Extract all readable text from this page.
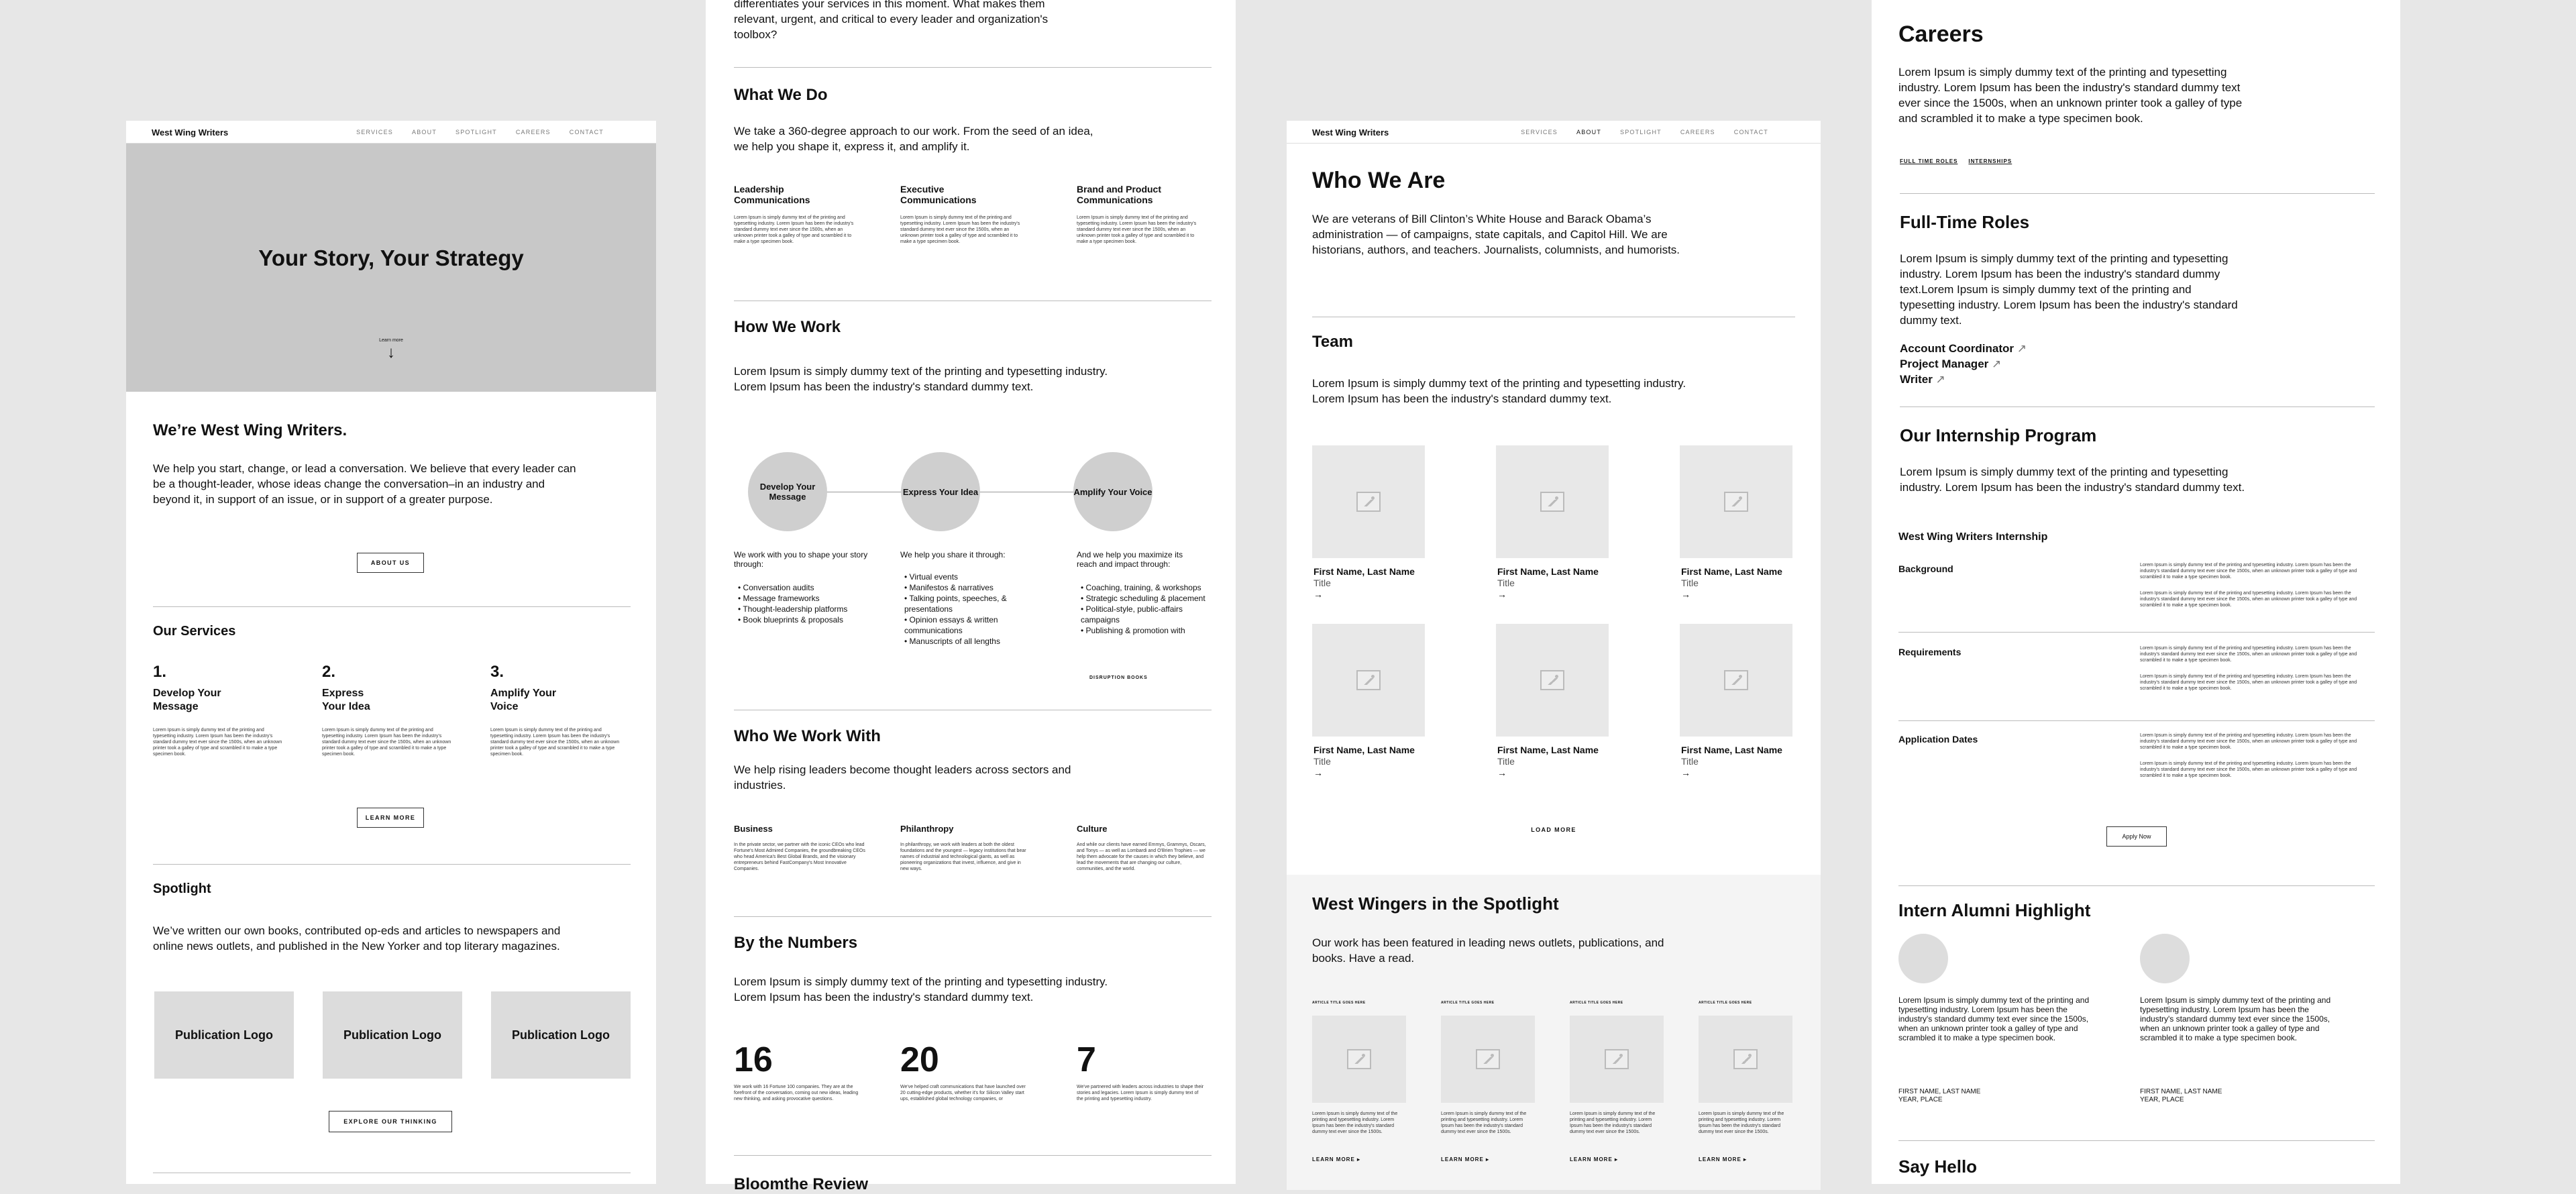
West Wing Writers	SERVICES	ABOUT	SPOTLIGHT	CAREERS	CONTACT
Your Story, Your Strategy
Learn more
↓
We’re West Wing Writers.
We help you start, change, or lead a conversation. We believe that every leader can be a thought-leader, whose ideas change the conversation–in an industry and beyond it, in support of an issue, or in support of a greater purpose.
ABOUT US
Our Services
1.
Develop Your Message
Lorem Ipsum is simply dummy text of the printing and typesetting industry. Lorem Ipsum has been the industry's standard dummy text ever since the 1500s, when an unknown printer took a galley of type and scrambled it to make a type specimen book.
2.
Express Your Idea
Lorem Ipsum is simply dummy text of the printing and typesetting industry. Lorem Ipsum has been the industry's standard dummy text ever since the 1500s, when an unknown printer took a galley of type and scrambled it to make a type specimen book.
3.
Amplify Your Voice
Lorem Ipsum is simply dummy text of the printing and typesetting industry. Lorem Ipsum has been the industry's standard dummy text ever since the 1500s, when an unknown printer took a galley of type and scrambled it to make a type specimen book.
LEARN MORE
Spotlight
We’ve written our own books, contributed op-eds and articles to newspapers and online news outlets, and published in the New Yorker and top literary magazines.
Publication Logo	Publication Logo	Publication Logo
EXPLORE OUR THINKING
differentiates your services in this moment. What makes them relevant, urgent, and critical to every leader and organization's toolbox?
What We Do
We take a 360-degree approach to our work. From the seed of an idea, we help you shape it, express it, and amplify it.
Leadership Communications
Lorem Ipsum is simply dummy text of the printing and typesetting industry. Lorem Ipsum has been the industry's standard dummy text ever since the 1500s, when an unknown printer took a galley of type and scrambled it to make a type specimen book.
Executive Communications
Lorem Ipsum is simply dummy text of the printing and typesetting industry. Lorem Ipsum has been the industry's standard dummy text ever since the 1500s, when an unknown printer took a galley of type and scrambled it to make a type specimen book.
Brand and Product Communications
Lorem Ipsum is simply dummy text of the printing and typesetting industry. Lorem Ipsum has been the industry's standard dummy text ever since the 1500s, when an unknown printer took a galley of type and scrambled it to make a type specimen book.
How We Work
Lorem Ipsum is simply dummy text of the printing and typesetting industry. Lorem Ipsum has been the industry's standard dummy text.
Develop Your Message	Express Your Idea	Amplify Your Voice
We work with you to shape your story through:
• Conversation audits
• Message frameworks
• Thought-leadership platforms
• Book blueprints & proposals
We help you share it through:
• Virtual events
• Manifestos & narratives
• Talking points, speeches, & presentations
• Opinion essays & written communications
• Manuscripts of all lengths
And we help you maximize its reach and impact through:
• Coaching, training, & workshops
• Strategic scheduling & placement
• Political-style, public-affairs campaigns
• Publishing & promotion with
DISRUPTION BOOKS
Who We Work With
We help rising leaders become thought leaders across sectors and industries.
Business
In the private sector, we partner with the iconic CEOs who lead Fortune's Most Admired Companies, the groundbreaking CEOs who head America's Best Global Brands, and the visionary entrepreneurs behind FastCompany's Most Innovative Companies.
Philanthropy
In philanthropy, we work with leaders at both the oldest foundations and the youngest — legacy institutions that bear names of industrial and technological giants, as well as pioneering organizations that invest, influence, and give in new ways.
Culture
And while our clients have earned Emmys, Grammys, Oscars, and Tonys — as well as Lombardi and O'Brien Trophies — we help them advocate for the causes in which they believe, and lead the movements that are changing our culture, communities, and the world.
By the Numbers
Lorem Ipsum is simply dummy text of the printing and typesetting industry. Lorem Ipsum has been the industry's standard dummy text.
16
We work with 16 Fortune 100 companies. They are at the forefront of the conversation, coming out new ideas, leading new thinking, and asking provocative questions.
20
We've helped craft communications that have launched over 20 cutting-edge products, whether it's for Silicon Valley start ups, established global technology companies, or
7
We've partnered with leaders across industries to shape their stories and legacies. Lorem Ipsum is simply dummy text of the printing and typesetting industry.
Bloomthe Review
West Wing Writers	SERVICES	ABOUT	SPOTLIGHT	CAREERS	CONTACT
Who We Are
We are veterans of Bill Clinton’s White House and Barack Obama’s administration — of campaigns, state capitals, and Capitol Hill. We are historians, authors, and teachers. Journalists, columnists, and humorists.
Team
Lorem Ipsum is simply dummy text of the printing and typesetting industry. Lorem Ipsum has been the industry's standard dummy text.
First Name, Last Name
Title
→
First Name, Last Name
Title
→
First Name, Last Name
Title
→
First Name, Last Name
Title
→
First Name, Last Name
Title
→
First Name, Last Name
Title
→
LOAD MORE
West Wingers in the Spotlight
Our work has been featured in leading news outlets, publications, and books. Have a read.
ARTICLE TITLE GOES HERE
Lorem Ipsum is simply dummy text of the printing and typesetting industry. Lorem Ipsum has been the industry's standard dummy text ever since the 1500s.
LEARN MORE ▸
ARTICLE TITLE GOES HERE
Lorem Ipsum is simply dummy text of the printing and typesetting industry. Lorem Ipsum has been the industry's standard dummy text ever since the 1500s.
LEARN MORE ▸
ARTICLE TITLE GOES HERE
Lorem Ipsum is simply dummy text of the printing and typesetting industry. Lorem Ipsum has been the industry's standard dummy text ever since the 1500s.
LEARN MORE ▸
ARTICLE TITLE GOES HERE
Lorem Ipsum is simply dummy text of the printing and typesetting industry. Lorem Ipsum has been the industry's standard dummy text ever since the 1500s.
LEARN MORE ▸
Careers
Lorem Ipsum is simply dummy text of the printing and typesetting industry. Lorem Ipsum has been the industry's standard dummy text ever since the 1500s, when an unknown printer took a galley of type and scrambled it to make a type specimen book.
FULL TIME ROLES INTERNSHIPS
Full-Time Roles
Lorem Ipsum is simply dummy text of the printing and typesetting industry. Lorem Ipsum has been the industry's standard dummy text.Lorem Ipsum is simply dummy text of the printing and typesetting industry. Lorem Ipsum has been the industry's standard dummy text.
Account Coordinator ↗
Project Manager ↗
Writer ↗
Our Internship Program
Lorem Ipsum is simply dummy text of the printing and typesetting industry. Lorem Ipsum has been the industry's standard dummy text.
West Wing Writers Internship
Background	Lorem Ipsum is simply dummy text of the printing and typesetting industry. Lorem Ipsum has been the industry's standard dummy text ever since the 1500s, when an unknown printer took a galley of type and scrambled it to make a type specimen book.
Lorem Ipsum is simply dummy text of the printing and typesetting industry. Lorem Ipsum has been the industry's standard dummy text ever since the 1500s, when an unknown printer took a galley of type and scrambled it to make a type specimen book.
Requirements	Lorem Ipsum is simply dummy text of the printing and typesetting industry. Lorem Ipsum has been the industry's standard dummy text ever since the 1500s, when an unknown printer took a galley of type and scrambled it to make a type specimen book.
Lorem Ipsum is simply dummy text of the printing and typesetting industry. Lorem Ipsum has been the industry's standard dummy text ever since the 1500s, when an unknown printer took a galley of type and scrambled it to make a type specimen book.
Application Dates	Lorem Ipsum is simply dummy text of the printing and typesetting industry. Lorem Ipsum has been the industry's standard dummy text ever since the 1500s, when an unknown printer took a galley of type and scrambled it to make a type specimen book.
Lorem Ipsum is simply dummy text of the printing and typesetting industry. Lorem Ipsum has been the industry's standard dummy text ever since the 1500s, when an unknown printer took a galley of type and scrambled it to make a type specimen book.
Apply Now
Intern Alumni Highlight
Lorem Ipsum is simply dummy text of the printing and typesetting industry. Lorem Ipsum has been the industry's standard dummy text ever since the 1500s, when an unknown printer took a galley of type and scrambled it to make a type specimen book.
Lorem Ipsum is simply dummy text of the printing and typesetting industry. Lorem Ipsum has been the industry's standard dummy text ever since the 1500s, when an unknown printer took a galley of type and scrambled it to make a type specimen book.
FIRST NAME, LAST NAME
YEAR, PLACE
FIRST NAME, LAST NAME
YEAR, PLACE
Say Hello
